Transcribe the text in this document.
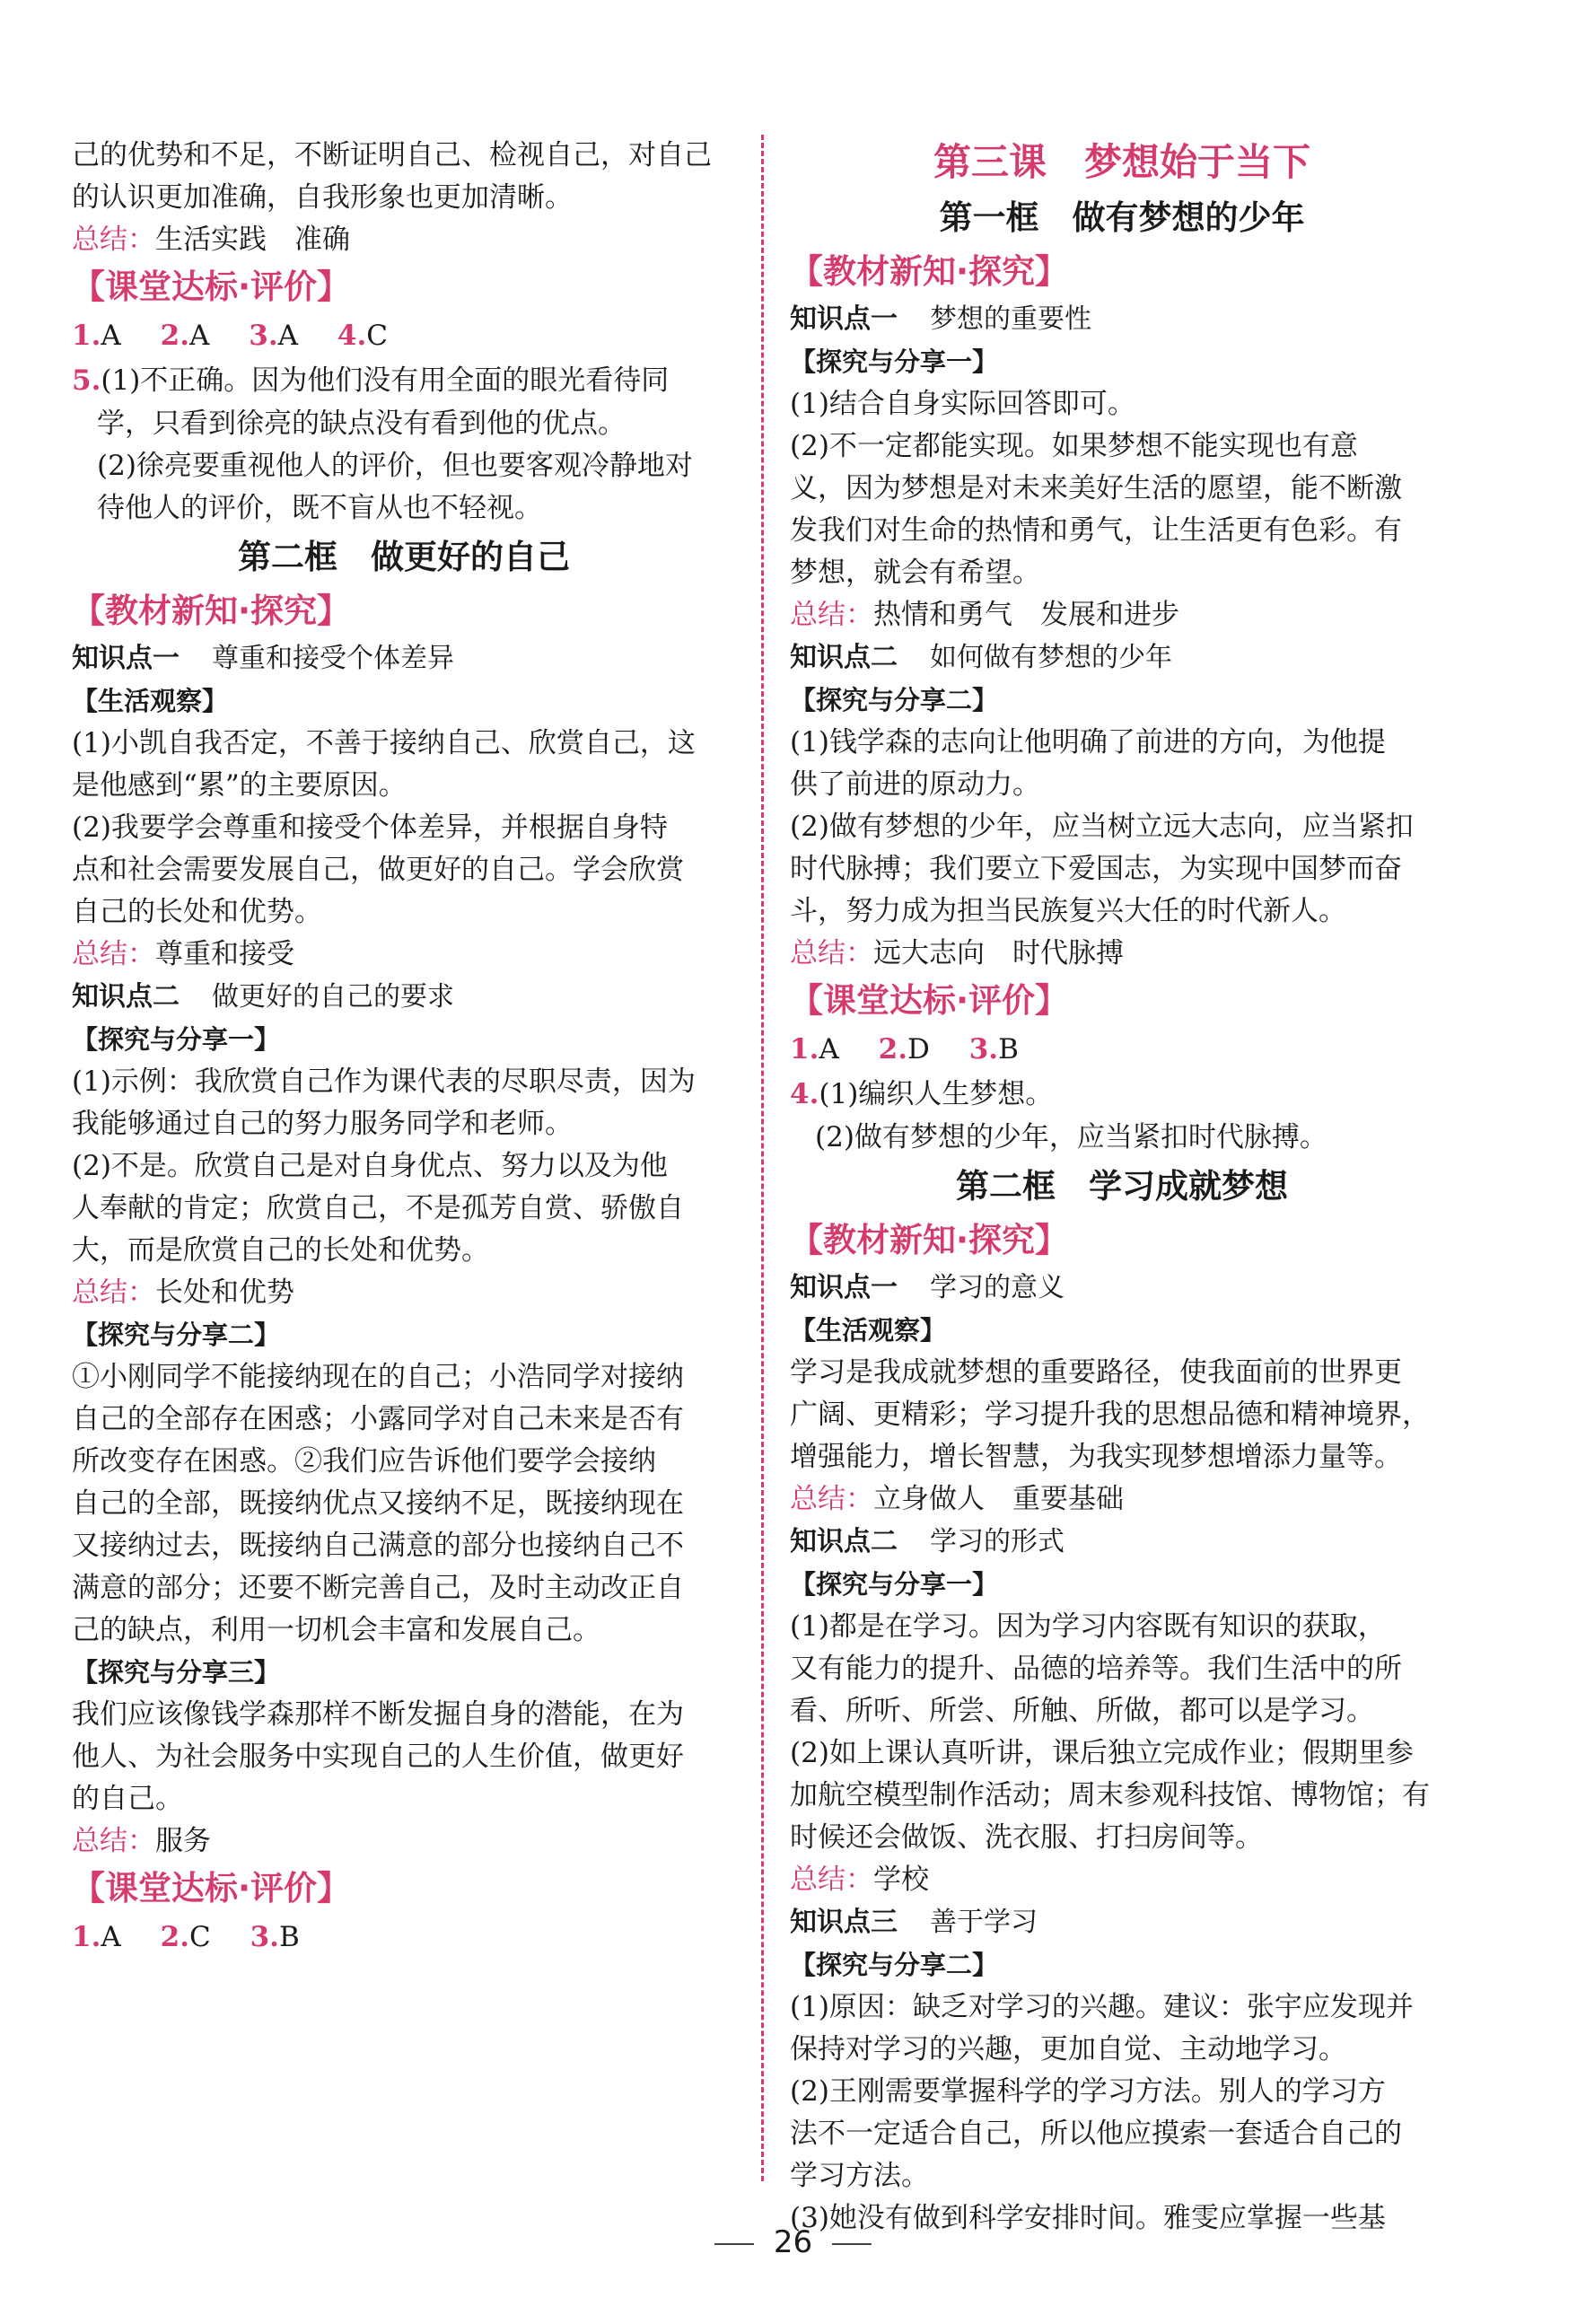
己的优势和不足，不断证明自己、检视自己，对自己
的认识更加准确，自我形象也更加清晰。
总结：生活实践　准确
【课堂达标·评价】
1.A 2.A 3.A 4.C
5.(1)不正确。因为他们没有用全面的眼光看待同
学，只看到徐亮的缺点没有看到他的优点。
(2)徐亮要重视他人的评价，但也要客观冷静地对
待他人的评价，既不盲从也不轻视。
第二框　做更好的自己
【教材新知·探究】
知识点一 尊重和接受个体差异
【生活观察】
(1)小凯自我否定，不善于接纳自己、欣赏自己，这
是他感到“累”的主要原因。
(2)我要学会尊重和接受个体差异，并根据自身特
点和社会需要发展自己，做更好的自己。学会欣赏
自己的长处和优势。
总结：尊重和接受
知识点二 做更好的自己的要求
【探究与分享一】
(1)示例：我欣赏自己作为课代表的尽职尽责，因为
我能够通过自己的努力服务同学和老师。
(2)不是。欣赏自己是对自身优点、努力以及为他
人奉献的肯定；欣赏自己，不是孤芳自赏、骄傲自
大，而是欣赏自己的长处和优势。
总结：长处和优势
【探究与分享二】
①小刚同学不能接纳现在的自己；小浩同学对接纳
自己的全部存在困惑；小露同学对自己未来是否有
所改变存在困惑。②我们应告诉他们要学会接纳
自己的全部，既接纳优点又接纳不足，既接纳现在
又接纳过去，既接纳自己满意的部分也接纳自己不
满意的部分；还要不断完善自己，及时主动改正自
己的缺点，利用一切机会丰富和发展自己。
【探究与分享三】
我们应该像钱学森那样不断发掘自身的潜能，在为
他人、为社会服务中实现自己的人生价值，做更好
的自己。
总结：服务
【课堂达标·评价】
1.A 2.C 3.B
第三课　梦想始于当下
第一框　做有梦想的少年
【教材新知·探究】
知识点一 梦想的重要性
【探究与分享一】
(1)结合自身实际回答即可。
(2)不一定都能实现。如果梦想不能实现也有意
义，因为梦想是对未来美好生活的愿望，能不断激
发我们对生命的热情和勇气，让生活更有色彩。有
梦想，就会有希望。
总结：热情和勇气　发展和进步
知识点二 如何做有梦想的少年
【探究与分享二】
(1)钱学森的志向让他明确了前进的方向，为他提
供了前进的原动力。
(2)做有梦想的少年，应当树立远大志向，应当紧扣
时代脉搏；我们要立下爱国志，为实现中国梦而奋
斗，努力成为担当民族复兴大任的时代新人。
总结：远大志向　时代脉搏
【课堂达标·评价】
1.A 2.D 3.B
4.(1)编织人生梦想。
(2)做有梦想的少年，应当紧扣时代脉搏。
第二框　学习成就梦想
【教材新知·探究】
知识点一 学习的意义
【生活观察】
学习是我成就梦想的重要路径，使我面前的世界更
广阔、更精彩；学习提升我的思想品德和精神境界，
增强能力，增长智慧，为我实现梦想增添力量等。
总结：立身做人　重要基础
知识点二 学习的形式
【探究与分享一】
(1)都是在学习。因为学习内容既有知识的获取，
又有能力的提升、品德的培养等。我们生活中的所
看、所听、所尝、所触、所做，都可以是学习。
(2)如上课认真听讲，课后独立完成作业；假期里参
加航空模型制作活动；周末参观科技馆、博物馆；有
时候还会做饭、洗衣服、打扫房间等。
总结：学校
知识点三 善于学习
【探究与分享二】
(1)原因：缺乏对学习的兴趣。建议：张宇应发现并
保持对学习的兴趣，更加自觉、主动地学习。
(2)王刚需要掌握科学的学习方法。别人的学习方
法不一定适合自己，所以他应摸索一套适合自己的
学习方法。
(3)她没有做到科学安排时间。雅雯应掌握一些基
26
